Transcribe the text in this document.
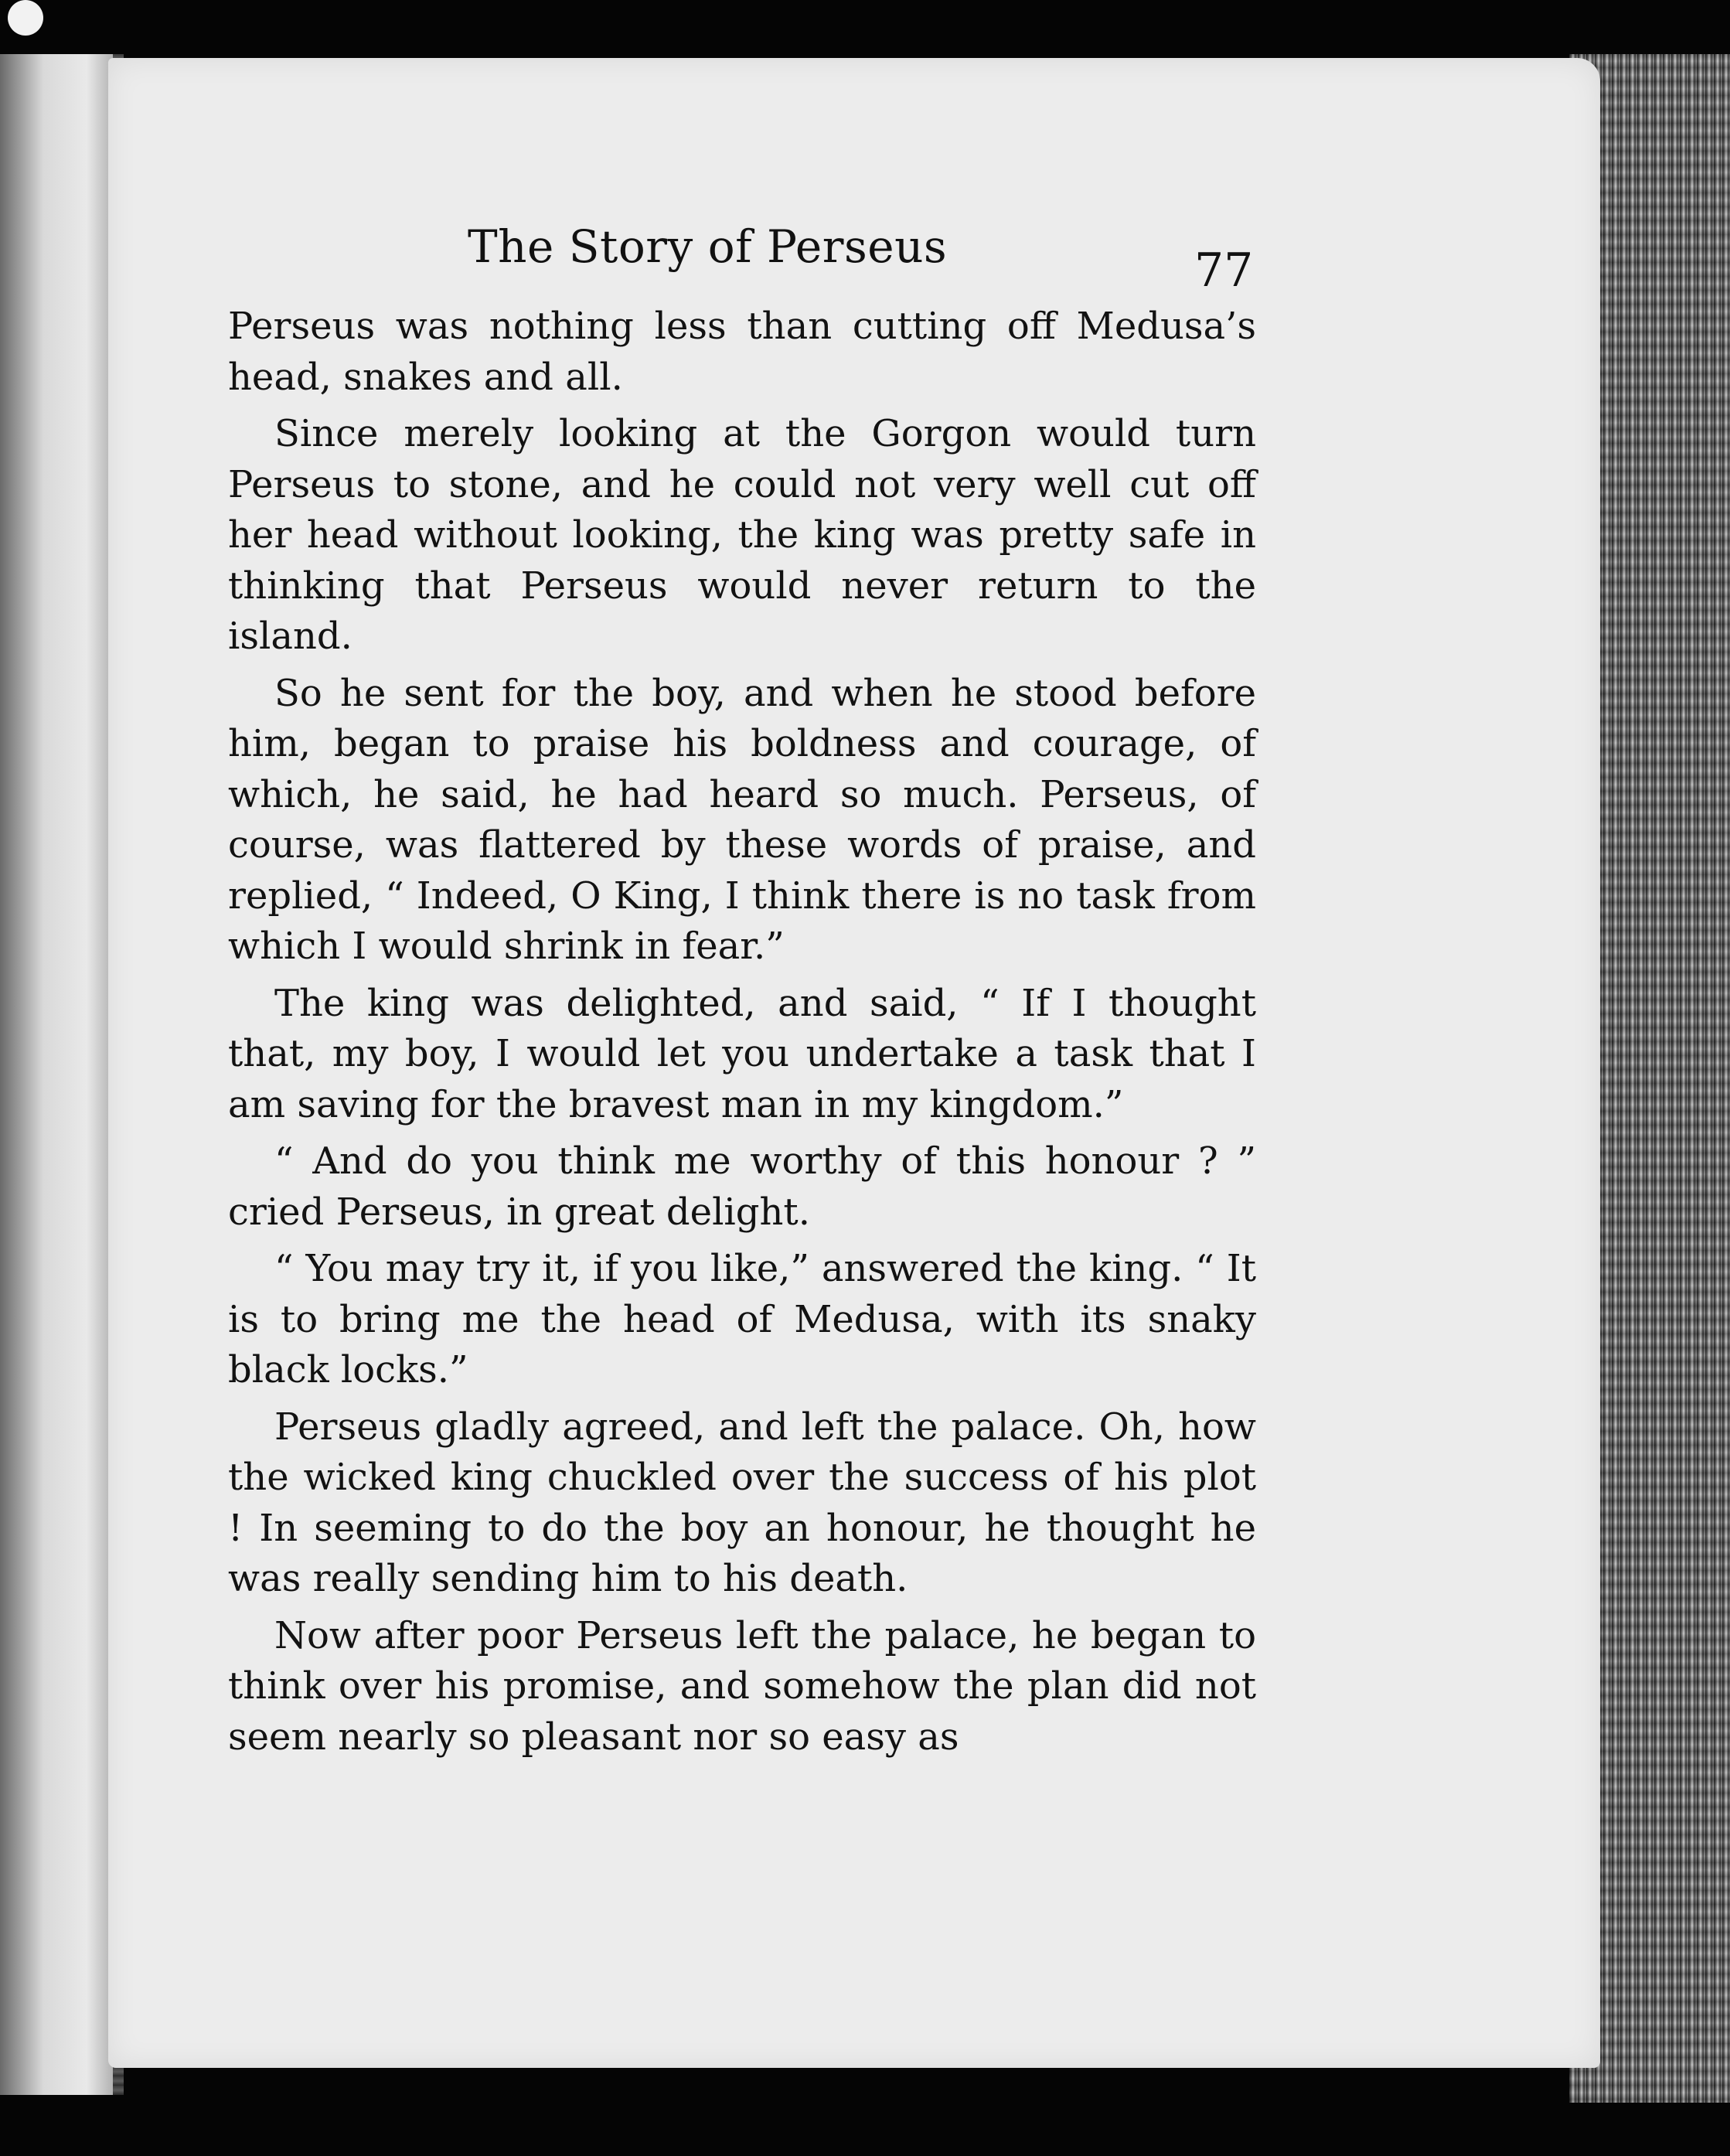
The Story of Perseus	77

Perseus was nothing less than cutting off Medusa’s head, snakes and all.

Since merely looking at the Gorgon would turn Perseus to stone, and he could not very well cut off her head without looking, the king was pretty safe in thinking that Perseus would never return to the island.

So he sent for the boy, and when he stood before him, began to praise his boldness and courage, of which, he said, he had heard so much. Perseus, of course, was flattered by these words of praise, and replied, “ Indeed, O King, I think there is no task from which I would shrink in fear.”

The king was delighted, and said, “ If I thought that, my boy, I would let you undertake a task that I am saving for the bravest man in my kingdom.”

“ And do you think me worthy of this honour ? ” cried Perseus, in great delight.

“ You may try it, if you like,” answered the king. “ It is to bring me the head of Medusa, with its snaky black locks.”

Perseus gladly agreed, and left the palace. Oh, how the wicked king chuckled over the success of his plot ! In seeming to do the boy an honour, he thought he was really sending him to his death.

Now after poor Perseus left the palace, he began to think over his promise, and somehow the plan did not seem nearly so pleasant nor so easy as
